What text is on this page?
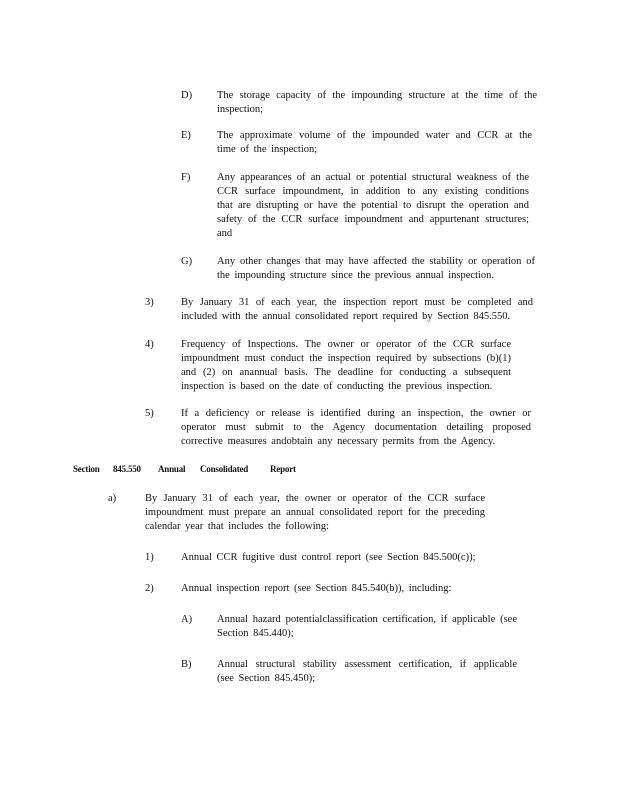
D) The storage capacity of the impounding structure at the time of the inspection;
E) The approximate volume of the impounded water and CCR at the time of the inspection;
F)	Any appearances of an actual or potential structural weakness of the CCR surface impoundment, in addition to any existing conditions that are disrupting or have the potential to disrupt the operation and safety of the CCR surface impoundment and appurtenant structures; and
G) Any other changes that may have affected the stability or operation of the impounding structure since the previous annual inspection.
3)	By January 31 of each year, the inspection report must be completed and included with the annual consolidated report required by Section 845.550.
4)	Frequency of Inspections. The owner or operator of the CCR surface impoundment must conduct the inspection required by subsections (b)(1) and (2) on anannual basis. The deadline for conducting a subsequent inspection is based on the date of conducting the previous inspection.
5)	If a deficiency or release is identified during an inspection, the owner or operator must submit to the Agency documentation detailing proposed corrective measures andobtain any necessary permits from the Agency.
Section 845.550 Annual Consolidated Report
a)	By January 31 of each year, the owner or operator of the CCR surface impoundment must prepare an annual consolidated report for the preceding calendar year that includes the following:
1)	Annual CCR fugitive dust control report (see Section 845.500(c));
2)	Annual inspection report (see Section 845.540(b)), including:
A) Annual hazard potentialclassification certification, if applicable (see Section 845.440);
B) Annual structural stability assessment certification, if applicable (see Section 845.450);
